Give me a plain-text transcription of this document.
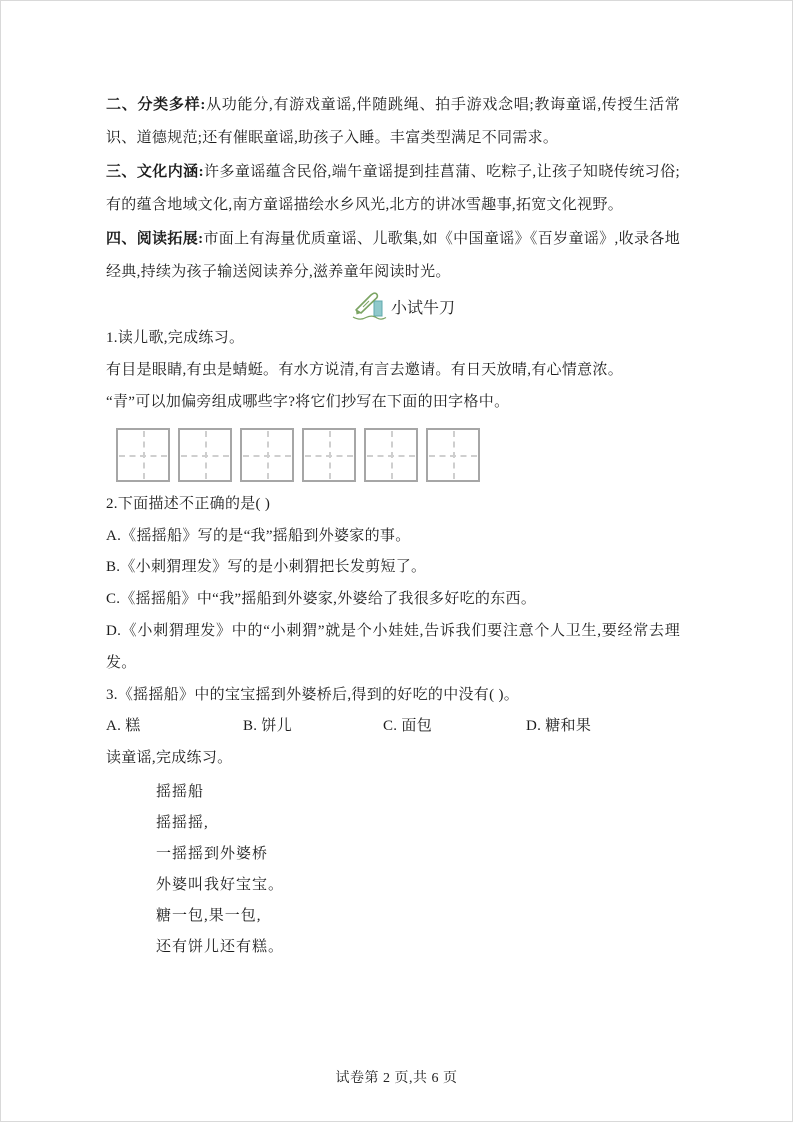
二、分类多样:从功能分,有游戏童谣,伴随跳绳、拍手游戏念唱;教诲童谣,传授生活常识、道德规范;还有催眠童谣,助孩子入睡。丰富类型满足不同需求。

三、文化内涵:许多童谣蕴含民俗,端午童谣提到挂菖蒲、吃粽子,让孩子知晓传统习俗;有的蕴含地域文化,南方童谣描绘水乡风光,北方的讲冰雪趣事,拓宽文化视野。

四、阅读拓展:市面上有海量优质童谣、儿歌集,如《中国童谣》《百岁童谣》,收录各地经典,持续为孩子输送阅读养分,滋养童年阅读时光。

小试牛刀

1.读儿歌,完成练习。

有目是眼睛,有虫是蜻蜓。有水方说清,有言去邀请。有日天放晴,有心情意浓。

“青”可以加偏旁组成哪些字?将它们抄写在下面的田字格中。

2.下面描述不正确的是( )

A.《摇摇船》写的是“我”摇船到外婆家的事。

B.《小刺猬理发》写的是小刺猬把长发剪短了。

C.《摇摇船》中“我”摇船到外婆家,外婆给了我很多好吃的东西。

D.《小刺猬理发》中的“小刺猬”就是个小娃娃,告诉我们要注意个人卫生,要经常去理发。

3.《摇摇船》中的宝宝摇到外婆桥后,得到的好吃的中没有( )。

A. 糕	B. 饼儿	C. 面包	D. 糖和果

读童谣,完成练习。

摇摇船

摇摇摇,

一摇摇到外婆桥

外婆叫我好宝宝。

糖一包,果一包,

还有饼儿还有糕。

试卷第 2 页,共 6 页
